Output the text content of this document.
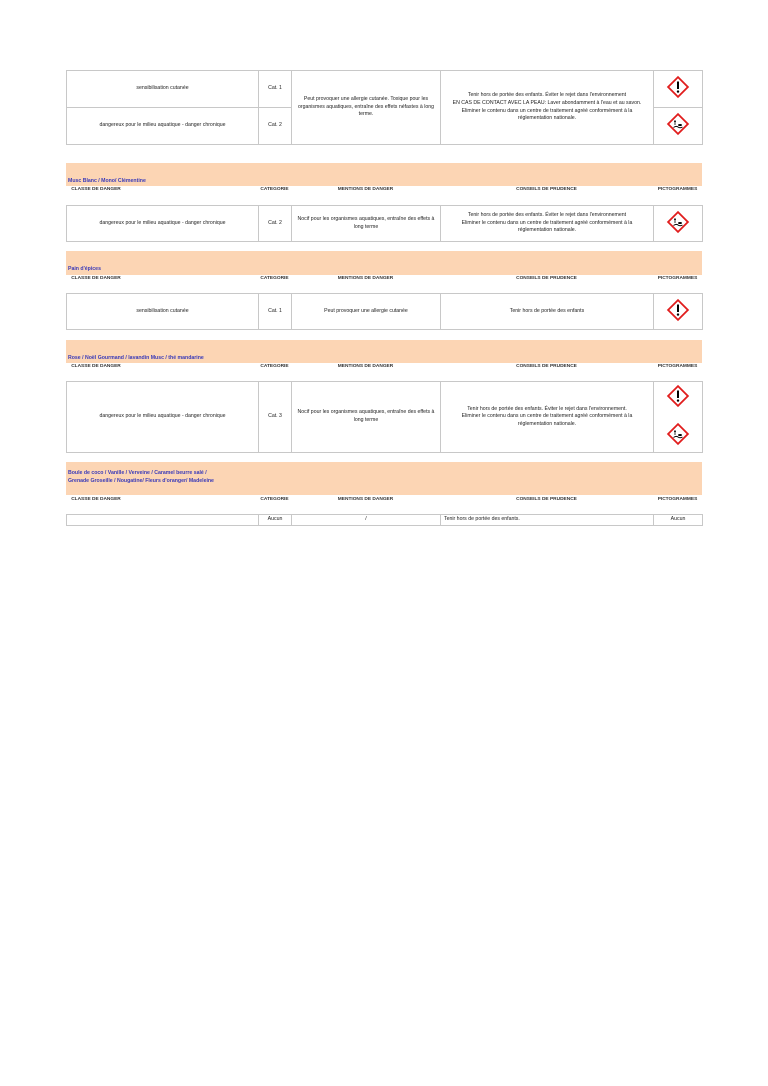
sensibilisation cutanée	Cat. 1	Peut provoquer une allergie cutanée. Toxique pour les organismes aquatiques, entraîne des effets néfastes à long terme.	Tenir hors de portée des enfants. Éviter le rejet dans l'environnement
EN CAS DE CONTACT AVEC LA PEAU: Laver abondamment à l'eau et au savon.
Eliminer le contenu dans un centre de traitement agréé conformément à la réglementation nationale.

dangereux pour le milieu aquatique - danger chronique	Cat. 2	
Musc Blanc / Monoï Clémentine
CLASSE DE DANGER	CATEGORIE	MENTIONS DE DANGER	CONSEILS DE PRUDENCE	PICTOGRAMMES
dangereux pour le milieu aquatique - danger chronique	Cat. 2	Nocif pour les organismes aquatiques, entraîne des effets à long terme	
Tenir hors de portée des enfants. Éviter le rejet dans l'environnement
Eliminer le contenu dans un centre de traitement agréé conformément à la réglementation nationale.

Pain d'épices
CLASSE DE DANGER	CATEGORIE	MENTIONS DE DANGER	CONSEILS DE PRUDENCE	PICTOGRAMMES
sensibilisation cutanée	Cat. 1	Peut provoquer une allergie cutanée	Tenir hors de portée des enfants	
Rose / Noël Gourmand / lavandin Musc / thé mandarine
CLASSE DE DANGER	CATEGORIE	MENTIONS DE DANGER	CONSEILS DE PRUDENCE	PICTOGRAMMES
dangereux pour le milieu aquatique - danger chronique	Cat. 3	Nocif pour les organismes aquatiques, entraîne des effets à long terme	
Tenir hors de portée des enfants. Éviter le rejet dans l'environnement.
Eliminer le contenu dans un centre de traitement agréé conformément à la réglementation nationale.

Boule de coco / Vanille / Verveine / Caramel beurre salé /
Grenade Groseille / Nougatine/ Fleurs d'oranger/ Madeleine
CLASSE DE DANGER	CATEGORIE	MENTIONS DE DANGER	CONSEILS DE PRUDENCE	PICTOGRAMMES
	Aucun	/	Tenir hors de portée des enfants.	Aucun
